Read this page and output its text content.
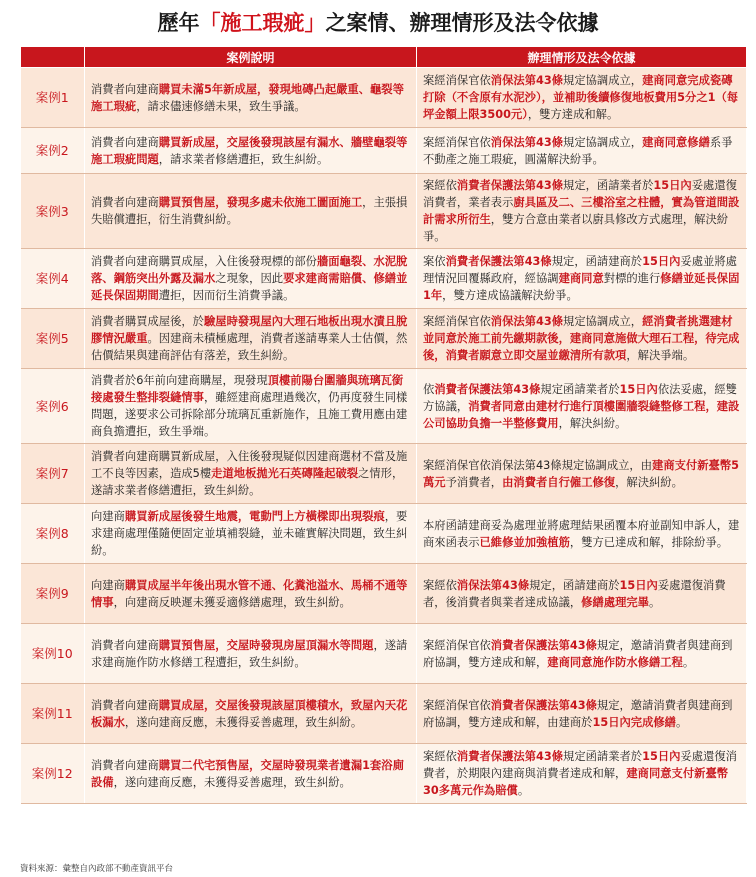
歷年「施工瑕疵」之案情、辦理情形及法令依據
	案例說明	辦理情形及法令依據
案例1	消費者向建商購買未滿5年新成屋，發現地磚凸起嚴重、龜裂等施工瑕疵，請求儘速修繕未果，致生爭議。	案經消保官依消保法第43條規定協調成立，建商同意完成瓷磚打除（不含原有水泥沙），並補助後續修復地板費用5分之1（每坪金額上限3500元），雙方達成和解。
案例2	消費者向建商購買新成屋，交屋後發現該屋有漏水、牆壁龜裂等施工瑕疵問題，請求業者修繕遭拒，致生糾紛。	案經消保官依消保法第43條規定協調成立，建商同意修繕系爭不動產之施工瑕疵，圓滿解決紛爭。
案例3	消費者向建商購買預售屋，發現多處未依施工圖面施工，主張損失賠償遭拒，衍生消費糾紛。	案經依消費者保護法第43條規定，函請業者於15日內妥處還復消費者，業者表示廚具區及二、三樓浴室之柱體，實為管道間設計需求所衍生，雙方合意由業者以廚具修改方式處理，解決紛爭。
案例4	消費者向建商購買成屋，入住後發現標的部份牆面龜裂、水泥脫落、鋼筋突出外露及漏水之現象，因此要求建商需賠償、修繕並延長保固期間遭拒，因而衍生消費爭議。	案依消費者保護法第43條規定，函請建商於15日內妥處並將處理情況回覆縣政府，經協調建商同意對標的進行修繕並延長保固1年，雙方達成協議解決紛爭。
案例5	消費者購買成屋後，於驗屋時發現屋內大理石地板出現水漬且脫膠情況嚴重。因建商未積極處理，消費者遂請專業人士估價，然估價結果與建商評估有落差，致生糾紛。	案經消保官依消保法第43條規定協調成立，經消費者挑選建材並同意於施工前先繳期款後，建商同意施做大理石工程，待完成後，消費者願意立即交屋並繳清所有款項，解決爭端。
案例6	消費者於6年前向建商購屋，現發現頂樓前陽台圍牆與琉璃瓦銜接處發生整排裂縫情事，雖經建商處理過幾次，仍再度發生同樣問題，遂要求公司拆除部分琉璃瓦重新施作，且施工費用應由建商負擔遭拒，致生爭端。	依消費者保護法第43條規定函請業者於15日內依法妥處，經雙方協議，消費者同意由建材行進行頂樓圍牆裂縫整修工程，建設公司協助負擔一半整修費用，解決糾紛。
案例7	消費者向建商購買新成屋，入住後發現疑似因建商選材不當及施工不良等因素，造成5樓走道地板拋光石英磚隆起破裂之情形，遂請求業者修繕遭拒，致生糾紛。	案經消保官依消保法第43條規定協調成立，由建商支付新臺幣5萬元予消費者，由消費者自行僱工修復，解決糾紛。
案例8	向建商購買新成屋後發生地震，電動門上方橫樑即出現裂痕，要求建商處理僅隨便固定並填補裂縫，並未確實解決問題，致生糾紛。	本府函請建商妥為處理並將處理結果函覆本府並副知申訴人，建商來函表示已維修並加強植筋，雙方已達成和解，排除紛爭。
案例9	向建商購買成屋半年後出現水管不通、化糞池溢水、馬桶不通等情事，向建商反映遲未獲妥適修繕處理，致生糾紛。	案經依消保法第43條規定，函請建商於15日內妥處還復消費者，後消費者與業者達成協議，修繕處理完畢。
案例10	消費者向建商購買預售屋，交屋時發現房屋頂漏水等問題，遂請求建商施作防水修繕工程遭拒，致生糾紛。	案經消保官依消費者保護法第43條規定，邀請消費者與建商到府協調，雙方達成和解，建商同意施作防水修繕工程。
案例11	消費者向建商購買成屋，交屋後發現該屋頂樓積水，致屋內天花板漏水，遂向建商反應，未獲得妥善處理，致生糾紛。	案經消保官依消費者保護法第43條規定，邀請消費者與建商到府協調，雙方達成和解，由建商於15日內完成修繕。
案例12	消費者向建商購買二代宅預售屋，交屋時發現業者遺漏1套浴廁設備，遂向建商反應，未獲得妥善處理，致生糾紛。	案經依消費者保護法第43條規定函請業者於15日內妥處還復消費者，於期限內建商與消費者達成和解，建商同意支付新臺幣30多萬元作為賠償。
資料來源：彙整自內政部不動產資訊平台
